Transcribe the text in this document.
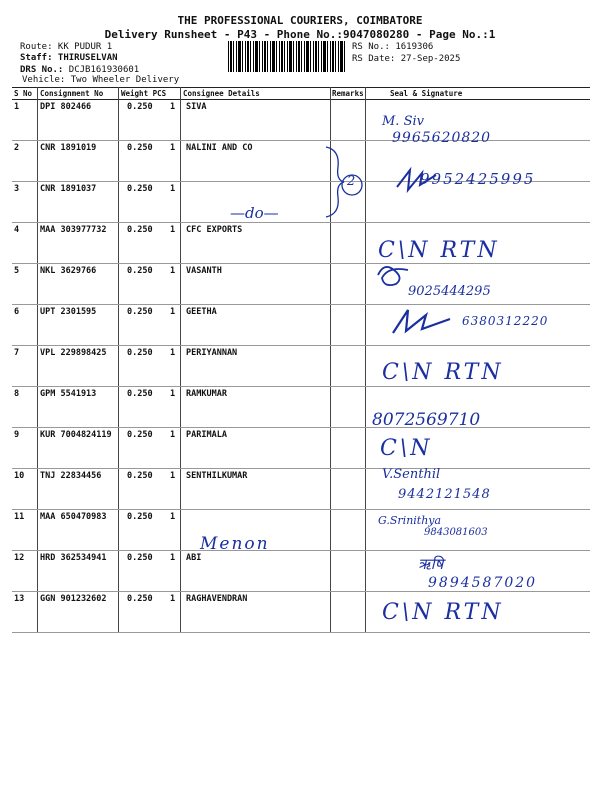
THE PROFESSIONAL COURIERS, COIMBATORE
Delivery Runsheet - P43 - Phone No.:9047080280 - Page No.:1
Route: KK PUDUR 1
Staff: THIRUSELVAN
DRS No.: DCJB161930601
Vehicle: Two Wheeler Delivery
RS No.: 1619306
RS Date: 27-Sep-2025
S No Consignment No Weight PCS Consignee Details	Remarks	Seal & Signature
1 DPI 802466	0.250 1 SIVA
2 CNR 1891019	0.250 1 NALINI AND CO
3 CNR 1891037	0.250 1
4 MAA 303977732 0.250 1 CFC EXPORTS
5 NKL 3629766	0.250 1 VASANTH
6 UPT 2301595	0.250 1 GEETHA
7 VPL 229898425 0.250 1 PERIYANNAN
8 GPM 5541913	0.250 1 RAMKUMAR
9 KUR 7004824119 0.250 1 PARIMALA
10 TNJ 22834456	0.250 1 SENTHILKUMAR
11 MAA 650470983 0.250 1
12 HRD 362534941 0.250 1 ABI
13 GGN 901232602 0.250 1 RAGHAVENDRAN
M. Siv
9965620820
2
—do—
9952425995
C\N RTN
9025444295
6380312220
C\N RTN
8072569710
C\N
V.Senthil
9442121548
G.Srinithya
9843081603
Menon
ऋषि
9894587020
C\N RTN
